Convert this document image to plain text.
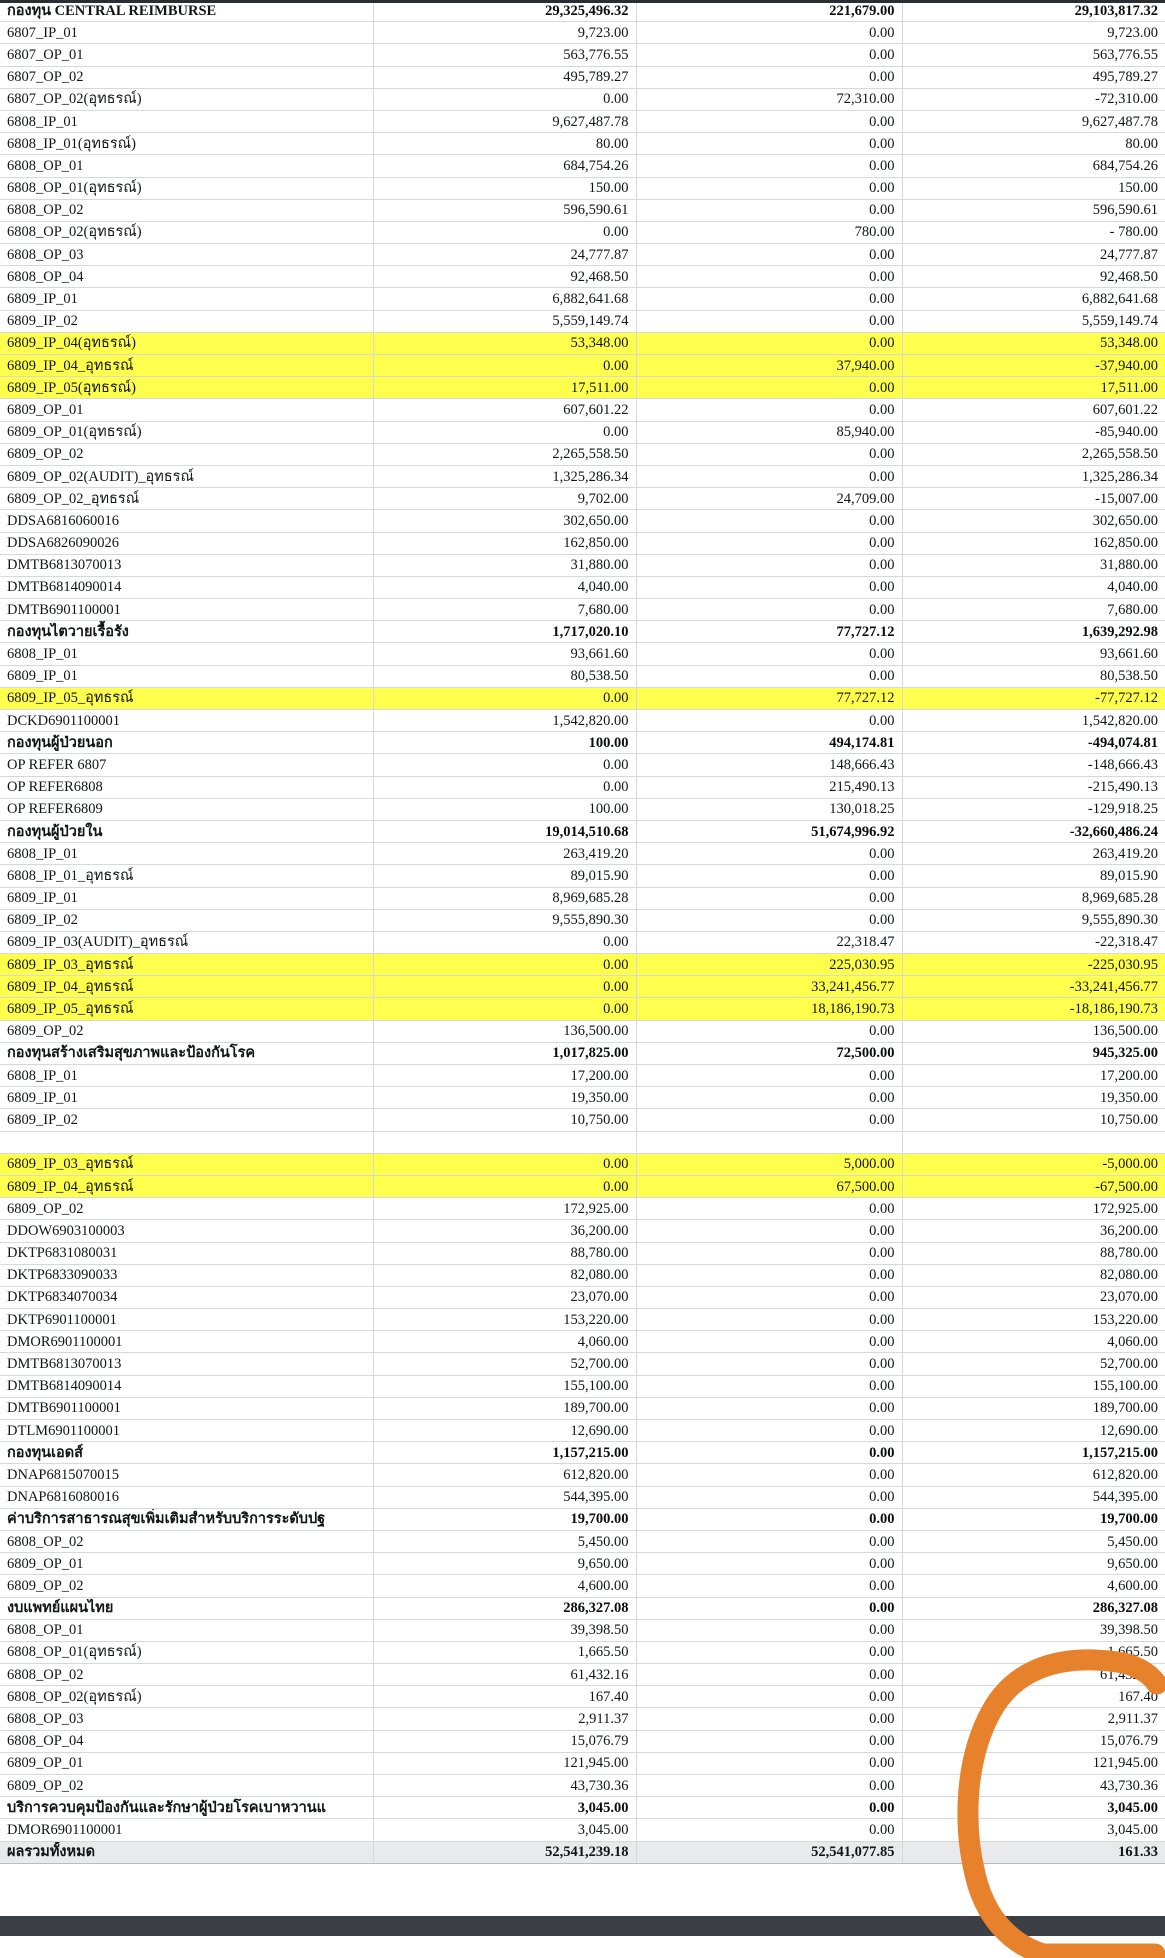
กองทุน CENTRAL REIMBURSE	29,325,496.32	221,679.00	29,103,817.32
6807_IP_01	9,723.00	0.00	9,723.00
6807_OP_01	563,776.55	0.00	563,776.55
6807_OP_02	495,789.27	0.00	495,789.27
6807_OP_02(อุทธรณ์)	0.00	72,310.00	-72,310.00
6808_IP_01	9,627,487.78	0.00	9,627,487.78
6808_IP_01(อุทธรณ์)	80.00	0.00	80.00
6808_OP_01	684,754.26	0.00	684,754.26
6808_OP_01(อุทธรณ์)	150.00	0.00	150.00
6808_OP_02	596,590.61	0.00	596,590.61
6808_OP_02(อุทธรณ์)	0.00	780.00	- 780.00
6808_OP_03	24,777.87	0.00	24,777.87
6808_OP_04	92,468.50	0.00	92,468.50
6809_IP_01	6,882,641.68	0.00	6,882,641.68
6809_IP_02	5,559,149.74	0.00	5,559,149.74
6809_IP_04(อุทธรณ์)	53,348.00	0.00	53,348.00
6809_IP_04_อุทธรณ์	0.00	37,940.00	-37,940.00
6809_IP_05(อุทธรณ์)	17,511.00	0.00	17,511.00
6809_OP_01	607,601.22	0.00	607,601.22
6809_OP_01(อุทธรณ์)	0.00	85,940.00	-85,940.00
6809_OP_02	2,265,558.50	0.00	2,265,558.50
6809_OP_02(AUDIT)_อุทธรณ์	1,325,286.34	0.00	1,325,286.34
6809_OP_02_อุทธรณ์	9,702.00	24,709.00	-15,007.00
DDSA6816060016	302,650.00	0.00	302,650.00
DDSA6826090026	162,850.00	0.00	162,850.00
DMTB6813070013	31,880.00	0.00	31,880.00
DMTB6814090014	4,040.00	0.00	4,040.00
DMTB6901100001	7,680.00	0.00	7,680.00
กองทุนไตวายเรื้อรัง	1,717,020.10	77,727.12	1,639,292.98
6808_IP_01	93,661.60	0.00	93,661.60
6809_IP_01	80,538.50	0.00	80,538.50
6809_IP_05_อุทธรณ์	0.00	77,727.12	-77,727.12
DCKD6901100001	1,542,820.00	0.00	1,542,820.00
กองทุนผู้ป่วยนอก	100.00	494,174.81	-494,074.81
OP REFER 6807	0.00	148,666.43	-148,666.43
OP REFER6808	0.00	215,490.13	-215,490.13
OP REFER6809	100.00	130,018.25	-129,918.25
กองทุนผู้ป่วยใน	19,014,510.68	51,674,996.92	-32,660,486.24
6808_IP_01	263,419.20	0.00	263,419.20
6808_IP_01_อุทธรณ์	89,015.90	0.00	89,015.90
6809_IP_01	8,969,685.28	0.00	8,969,685.28
6809_IP_02	9,555,890.30	0.00	9,555,890.30
6809_IP_03(AUDIT)_อุทธรณ์	0.00	22,318.47	-22,318.47
6809_IP_03_อุทธรณ์	0.00	225,030.95	-225,030.95
6809_IP_04_อุทธรณ์	0.00	33,241,456.77	-33,241,456.77
6809_IP_05_อุทธรณ์	0.00	18,186,190.73	-18,186,190.73
6809_OP_02	136,500.00	0.00	136,500.00
กองทุนสร้างเสริมสุขภาพและป้องกันโรค	1,017,825.00	72,500.00	945,325.00
6808_IP_01	17,200.00	0.00	17,200.00
6809_IP_01	19,350.00	0.00	19,350.00
6809_IP_02	10,750.00	0.00	10,750.00

6809_IP_03_อุทธรณ์	0.00	5,000.00	-5,000.00
6809_IP_04_อุทธรณ์	0.00	67,500.00	-67,500.00
6809_OP_02	172,925.00	0.00	172,925.00
DDOW6903100003	36,200.00	0.00	36,200.00
DKTP6831080031	88,780.00	0.00	88,780.00
DKTP6833090033	82,080.00	0.00	82,080.00
DKTP6834070034	23,070.00	0.00	23,070.00
DKTP6901100001	153,220.00	0.00	153,220.00
DMOR6901100001	4,060.00	0.00	4,060.00
DMTB6813070013	52,700.00	0.00	52,700.00
DMTB6814090014	155,100.00	0.00	155,100.00
DMTB6901100001	189,700.00	0.00	189,700.00
DTLM6901100001	12,690.00	0.00	12,690.00
กองทุนเอดส์	1,157,215.00	0.00	1,157,215.00
DNAP6815070015	612,820.00	0.00	612,820.00
DNAP6816080016	544,395.00	0.00	544,395.00
ค่าบริการสาธารณสุขเพิ่มเติมสำหรับบริการระดับปฐ	19,700.00	0.00	19,700.00
6808_OP_02	5,450.00	0.00	5,450.00
6809_OP_01	9,650.00	0.00	9,650.00
6809_OP_02	4,600.00	0.00	4,600.00
งบแพทย์แผนไทย	286,327.08	0.00	286,327.08
6808_OP_01	39,398.50	0.00	39,398.50
6808_OP_01(อุทธรณ์)	1,665.50	0.00	1,665.50
6808_OP_02	61,432.16	0.00	61,432.16
6808_OP_02(อุทธรณ์)	167.40	0.00	167.40
6808_OP_03	2,911.37	0.00	2,911.37
6808_OP_04	15,076.79	0.00	15,076.79
6809_OP_01	121,945.00	0.00	121,945.00
6809_OP_02	43,730.36	0.00	43,730.36
บริการควบคุมป้องกันและรักษาผู้ป่วยโรคเบาหวานแ	3,045.00	0.00	3,045.00
DMOR6901100001	3,045.00	0.00	3,045.00
ผลรวมทั้งหมด	52,541,239.18	52,541,077.85	161.33
